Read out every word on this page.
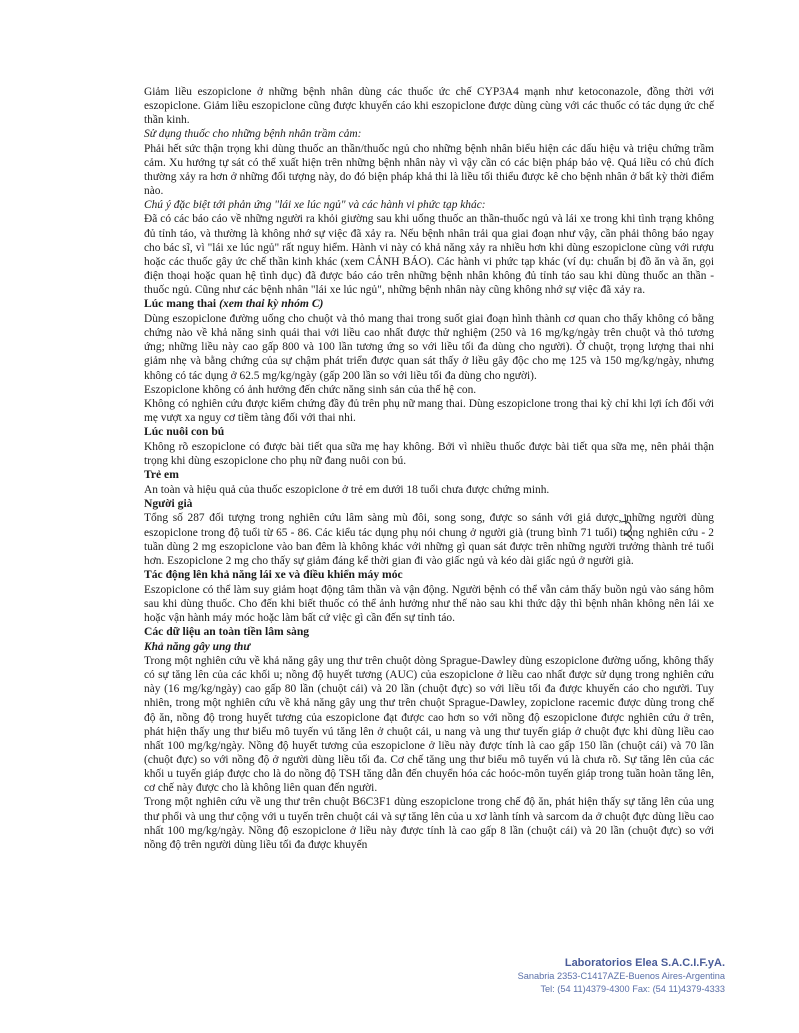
Giảm liều eszopiclone ở những bệnh nhân dùng các thuốc ức chế CYP3A4 mạnh như ketoconazole, đồng thời với eszopiclone. Giảm liều eszopiclone cũng được khuyến cáo khi eszopiclone được dùng cùng với các thuốc có tác dụng ức chế thần kinh.

Sử dụng thuốc cho những bệnh nhân trầm cảm:

Phải hết sức thận trọng khi dùng thuốc an thần/thuốc ngủ cho những bệnh nhân biểu hiện các dấu hiệu và triệu chứng trầm cảm. Xu hướng tự sát có thể xuất hiện trên những bệnh nhân này vì vậy cần có các biện pháp bảo vệ. Quá liều có chủ đích thường xảy ra hơn ở những đối tượng này, do đó biện pháp khả thi là liều tối thiểu được kê cho bệnh nhân ở bất kỳ thời điểm nào.

Chú ý đặc biệt tới phản ứng "lái xe lúc ngủ" và các hành vi phức tạp khác:

Đã có các báo cáo về những người ra khỏi giường sau khi uống thuốc an thần-thuốc ngủ và lái xe trong khi tình trạng không đủ tỉnh táo, và thường là không nhớ sự việc đã xảy ra. Nếu bệnh nhân trải qua giai đoạn như vậy, cần phải thông báo ngay cho bác sĩ, vì "lái xe lúc ngủ" rất nguy hiểm. Hành vi này có khả năng xảy ra nhiều hơn khi dùng eszopiclone cùng với rượu hoặc các thuốc gây ức chế thần kinh khác (xem CẢNH BÁO). Các hành vi phức tạp khác (ví dụ: chuẩn bị đồ ăn và ăn, gọi điện thoại hoặc quan hệ tình dục) đã được báo cáo trên những bệnh nhân không đủ tỉnh táo sau khi dùng thuốc an thần - thuốc ngủ. Cũng như các bệnh nhân "lái xe lúc ngủ", những bệnh nhân này cũng không nhớ sự việc đã xảy ra.

Lúc mang thai (xem thai kỳ nhóm C)

Dùng eszopiclone đường uống cho chuột và thỏ mang thai trong suốt giai đoạn hình thành cơ quan cho thấy không có bằng chứng nào về khả năng sinh quái thai với liều cao nhất được thử nghiệm (250 và 16 mg/kg/ngày trên chuột và thỏ tương ứng; những liều này cao gấp 800 và 100 lần tương ứng so với liều tối đa dùng cho người). Ở chuột, trọng lượng thai nhi giảm nhẹ và bằng chứng của sự chậm phát triển được quan sát thấy ở liều gây độc cho mẹ 125 và 150 mg/kg/ngày, nhưng không có tác dụng ở 62.5 mg/kg/ngày (gấp 200 lần so với liều tối đa dùng cho người).

Eszopiclone không có ảnh hưởng đến chức năng sinh sản của thế hệ con.

Không có nghiên cứu được kiểm chứng đầy đủ trên phụ nữ mang thai. Dùng eszopiclone trong thai kỳ chỉ khi lợi ích đối với mẹ vượt xa nguy cơ tiềm tàng đối với thai nhi.

Lúc nuôi con bú

Không rõ eszopiclone có được bài tiết qua sữa mẹ hay không. Bởi vì nhiều thuốc được bài tiết qua sữa mẹ, nên phải thận trọng khi dùng eszopiclone cho phụ nữ đang nuôi con bú.

Trẻ em

An toàn và hiệu quả của thuốc eszopiclone ở trẻ em dưới 18 tuổi chưa được chứng minh.

Người già

Tổng số 287 đối tượng trong nghiên cứu lâm sàng mù đôi, song song, được so sánh với giả dược, những người dùng eszopiclone trong độ tuổi từ 65 - 86. Các kiểu tác dụng phụ nói chung ở người già (trung bình 71 tuổi) trong nghiên cứu - 2 tuần dùng 2 mg eszopiclone vào ban đêm là không khác với những gì quan sát được trên những người trưởng thành trẻ tuổi hơn. Eszopiclone 2 mg cho thấy sự giảm đáng kể thời gian đi vào giấc ngủ và kéo dài giấc ngủ ở người già.

Tác động lên khả năng lái xe và điều khiển máy móc

Eszopiclone có thể làm suy giảm hoạt động tâm thần và vận động. Người bệnh có thể vẫn cảm thấy buồn ngủ vào sáng hôm sau khi dùng thuốc. Cho đến khi biết thuốc có thể ảnh hưởng như thế nào sau khi thức dậy thì bệnh nhân không nên lái xe hoặc vận hành máy móc hoặc làm bất cứ việc gì cần đến sự tỉnh táo.

Các dữ liệu an toàn tiền lâm sàng

Khả năng gây ung thư

Trong một nghiên cứu về khả năng gây ung thư trên chuột dòng Sprague-Dawley dùng eszopiclone đường uống, không thấy có sự tăng lên của các khối u; nồng độ huyết tương (AUC) của eszopiclone ở liều cao nhất được sử dụng trong nghiên cứu này (16 mg/kg/ngày) cao gấp 80 lần (chuột cái) và 20 lần (chuột đực) so với liều tối đa được khuyến cáo cho người. Tuy nhiên, trong một nghiên cứu về khả năng gây ung thư trên chuột Sprague-Dawley, zopiclone racemic được dùng trong chế độ ăn, nồng độ trong huyết tương của eszopiclone đạt được cao hơn so với nồng độ eszopiclone được nghiên cứu ở trên, phát hiện thấy ung thư biểu mô tuyến vú tăng lên ở chuột cái, u nang và ung thư tuyến giáp ở chuột đực khi dùng liều cao nhất 100 mg/kg/ngày. Nồng độ huyết tương của eszopiclone ở liều này được tính là cao gấp 150 lần (chuột cái) và 70 lần (chuột đực) so với nồng độ ở người dùng liều tối đa. Cơ chế tăng ung thư biểu mô tuyến vú là chưa rõ. Sự tăng lên của các khối u tuyến giáp được cho là do nồng độ TSH tăng dẫn đến chuyển hóa các hoóc-môn tuyến giáp trong tuần hoàn tăng lên, cơ chế này được cho là không liên quan đến người.

Trong một nghiên cứu về ung thư trên chuột B6C3F1 dùng eszopiclone trong chế độ ăn, phát hiện thấy sự tăng lên của ung thư phổi và ung thư cộng với u tuyến trên chuột cái và sự tăng lên của u xơ lành tính và sarcom da ở chuột đực dùng liều cao nhất 100 mg/kg/ngày. Nồng độ eszopiclone ở liều này được tính là cao gấp 8 lần (chuột cái) và 20 lần (chuột đực) so với nồng độ trên người dùng liều tối đa được khuyến

Laboratorios Elea S.A.C.I.F.yA.
Sanabria 2353-C1417AZE-Buenos Aires-Argentina
Tel: (54 11)4379-4300 Fax: (54 11)4379-4333
